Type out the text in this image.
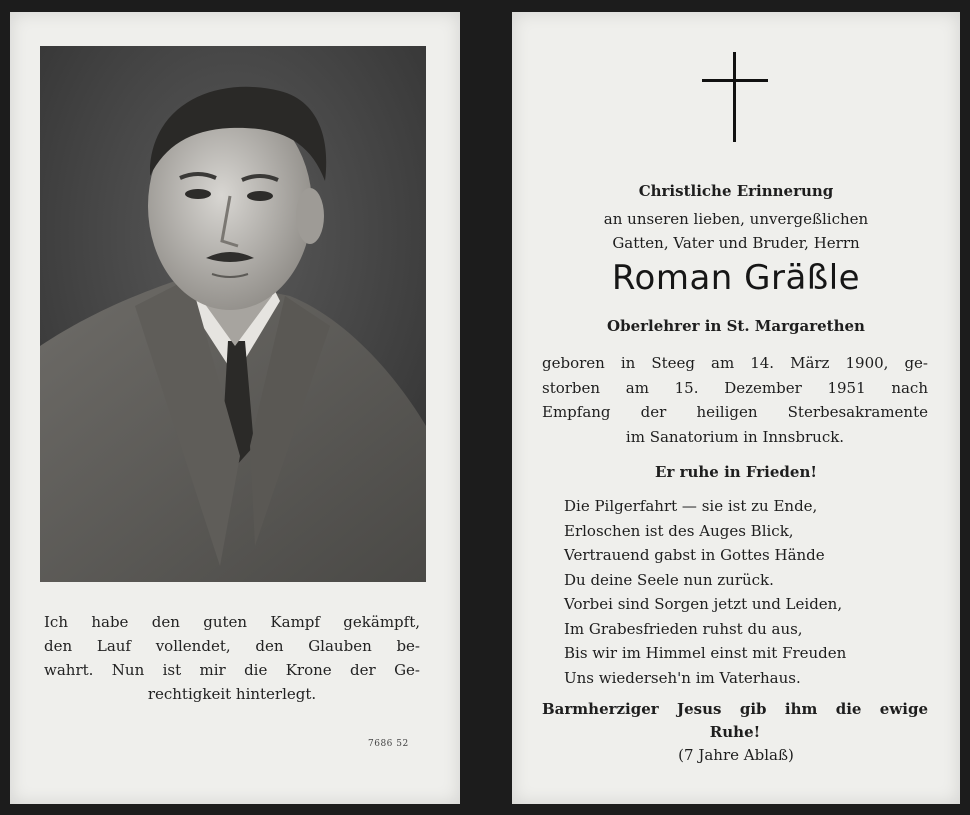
Ich habe den guten Kampf gekämpft,
den Lauf vollendet, den Glauben be-
wahrt. Nun ist mir die Krone der Ge-
rechtigkeit hinterlegt.
7686 52
Christliche Erinnerung
an unseren lieben, unvergeßlichen
Gatten, Vater und Bruder, Herrn
Roman Gräßle
Oberlehrer in St. Margarethen
geboren in Steeg am 14. März 1900, ge-
storben am 15. Dezember 1951 nach
Empfang der heiligen Sterbesakramente
im Sanatorium in Innsbruck.
Er ruhe in Frieden!
Die Pilgerfahrt — sie ist zu Ende,
Erloschen ist des Auges Blick,
Vertrauend gabst in Gottes Hände
Du deine Seele nun zurück.
Vorbei sind Sorgen jetzt und Leiden,
Im Grabesfrieden ruhst du aus,
Bis wir im Himmel einst mit Freuden
Uns wiederseh'n im Vaterhaus.
Barmherziger Jesus gib ihm die ewige
Ruhe!
(7 Jahre Ablaß)
